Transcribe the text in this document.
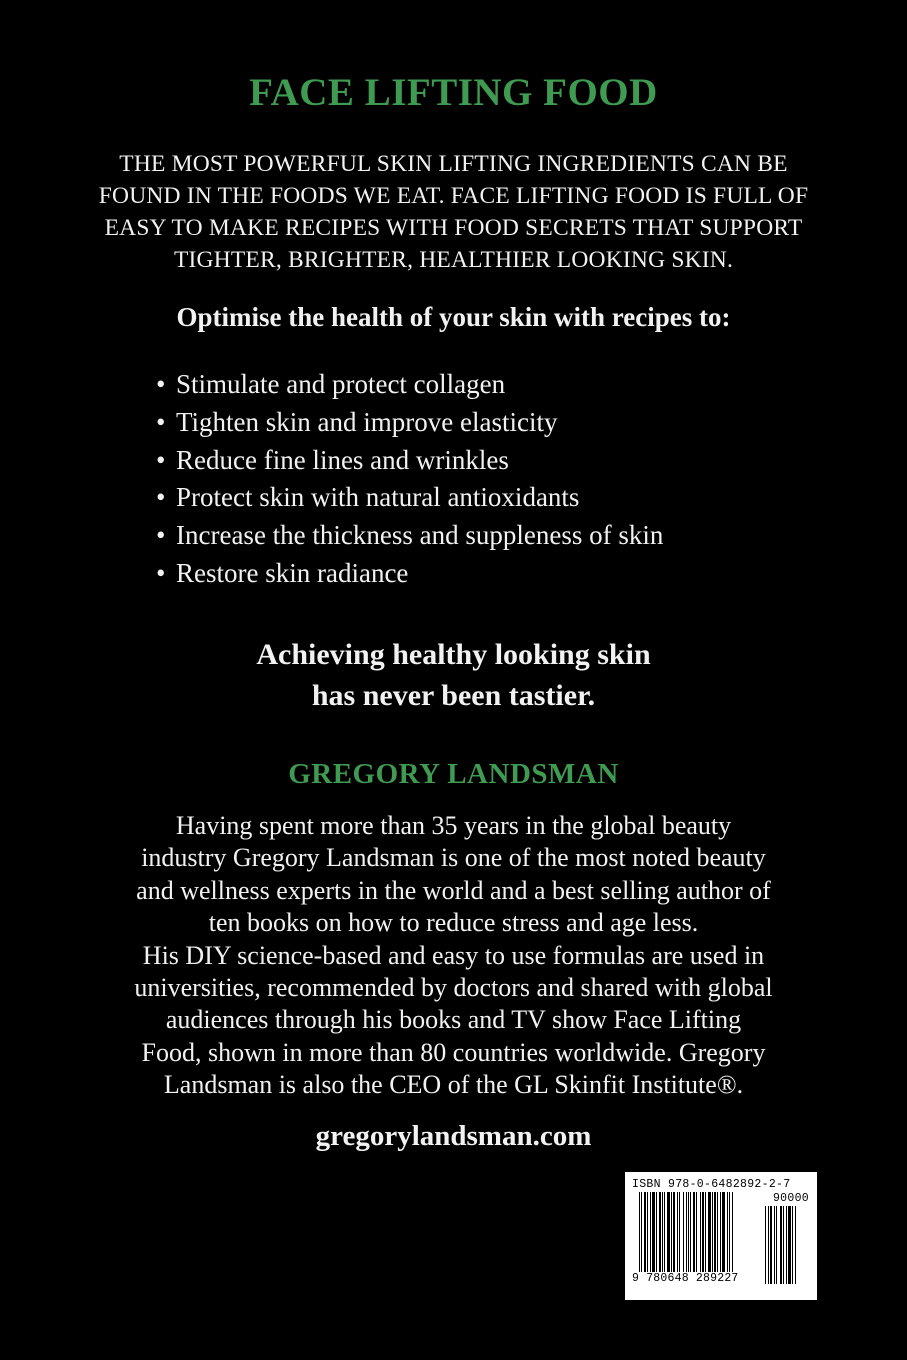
FACE LIFTING FOOD

THE MOST POWERFUL SKIN LIFTING INGREDIENTS CAN BE FOUND IN THE FOODS WE EAT. FACE LIFTING FOOD IS FULL OF EASY TO MAKE RECIPES WITH FOOD SECRETS THAT SUPPORT TIGHTER, BRIGHTER, HEALTHIER LOOKING SKIN.

Optimise the health of your skin with recipes to:

• Stimulate and protect collagen
• Tighten skin and improve elasticity
• Reduce fine lines and wrinkles
• Protect skin with natural antioxidants
• Increase the thickness and suppleness of skin
• Restore skin radiance

Achieving healthy looking skin
has never been tastier.

GREGORY LANDSMAN

Having spent more than 35 years in the global beauty
industry Gregory Landsman is one of the most noted beauty
and wellness experts in the world and a best selling author of
ten books on how to reduce stress and age less.
His DIY science-based and easy to use formulas are used in
universities, recommended by doctors and shared with global
audiences through his books and TV show Face Lifting
Food, shown in more than 80 countries worldwide. Gregory
Landsman is also the CEO of the GL Skinfit Institute®.

gregorylandsman.com

ISBN 978-0-6482892-2-7
90000
9 780648 289227
